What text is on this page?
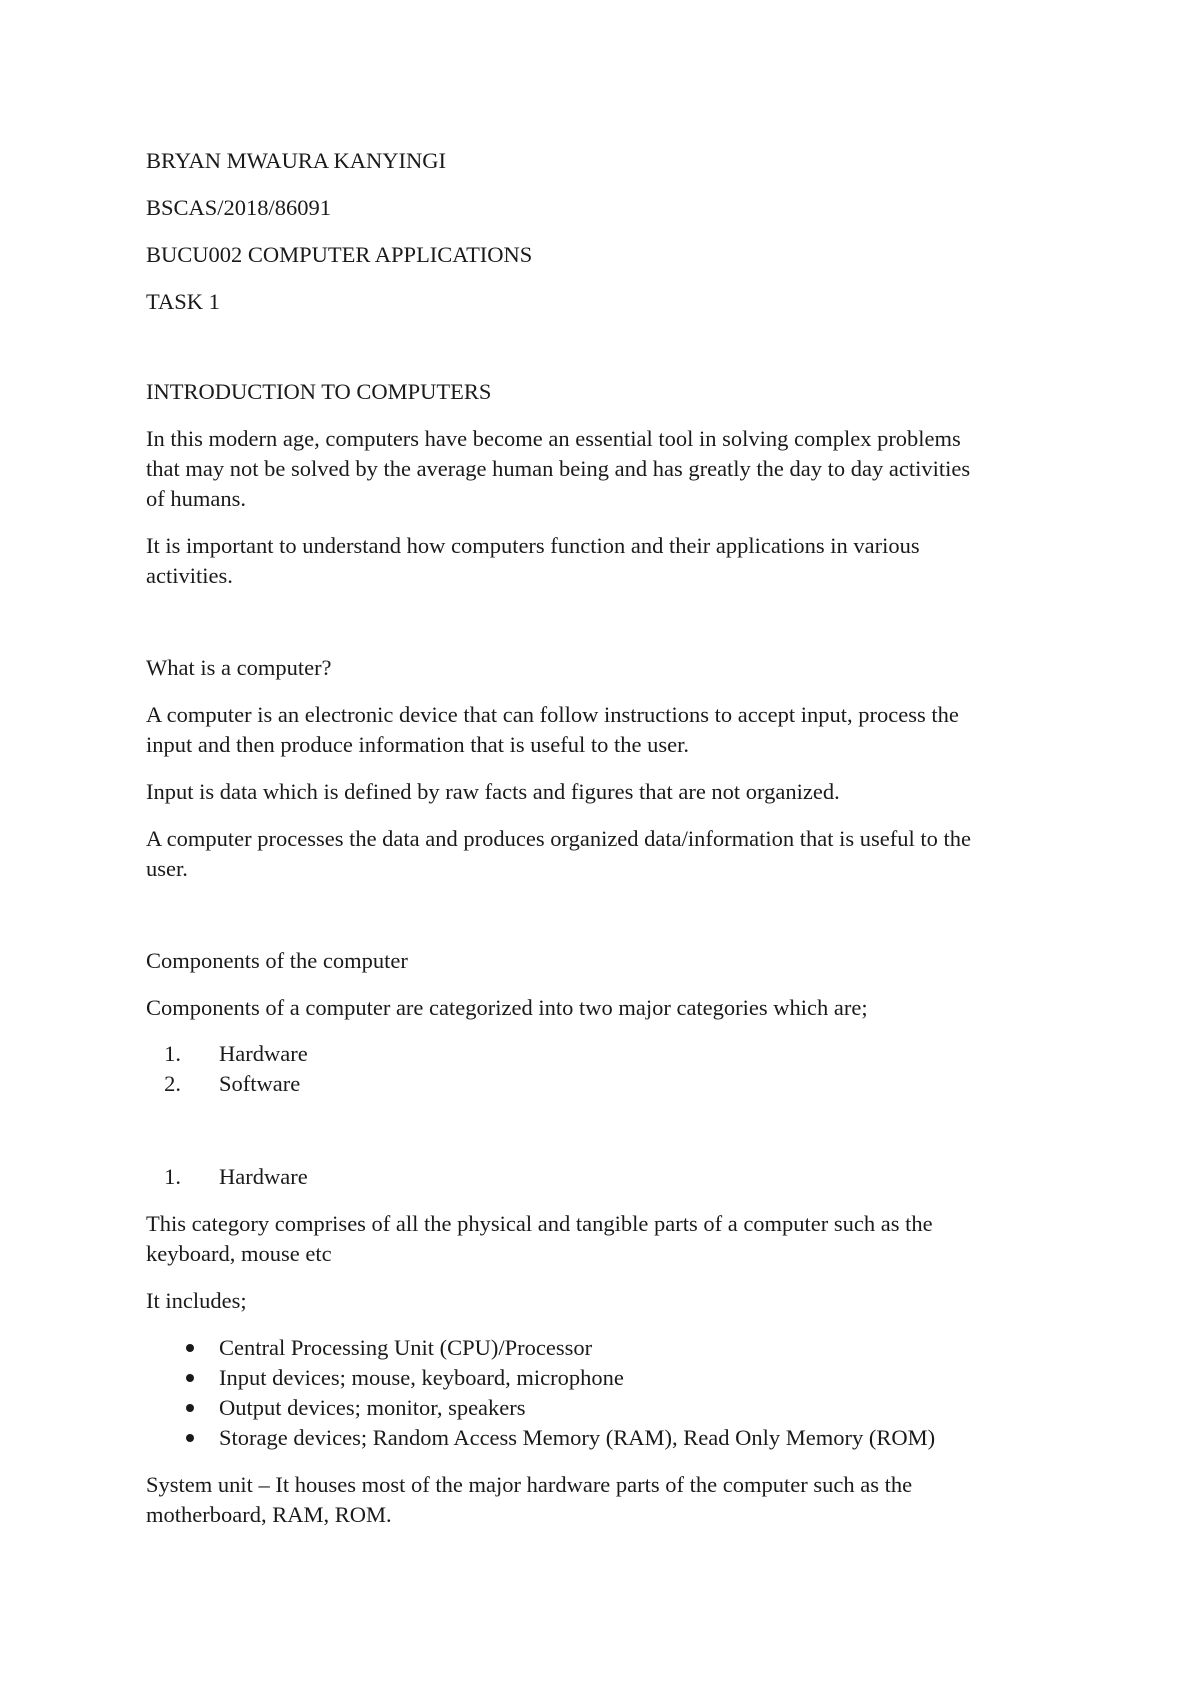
BRYAN MWAURA KANYINGI

BSCAS/2018/86091

BUCU002 COMPUTER APPLICATIONS

TASK 1

INTRODUCTION TO COMPUTERS

In this modern age, computers have become an essential tool in solving complex problems
that may not be solved by the average human being and has greatly the day to day activities
of humans.
It is important to understand how computers function and their applications in various
activities.

What is a computer?

A computer is an electronic device that can follow instructions to accept input, process the
input and then produce information that is useful to the user.

Input is data which is defined by raw facts and figures that are not organized.

A computer processes the data and produces organized data/information that is useful to the
user.

Components of the computer

Components of a computer are categorized into two major categories which are;

1. Hardware
2. Software
1. Hardware
This category comprises of all the physical and tangible parts of a computer such as the
keyboard, mouse etc

It includes;

Central Processing Unit (CPU)/Processor
Input devices; mouse, keyboard, microphone
Output devices; monitor, speakers
Storage devices; Random Access Memory (RAM), Read Only Memory (ROM)
System unit – It houses most of the major hardware parts of the computer such as the
motherboard, RAM, ROM.
